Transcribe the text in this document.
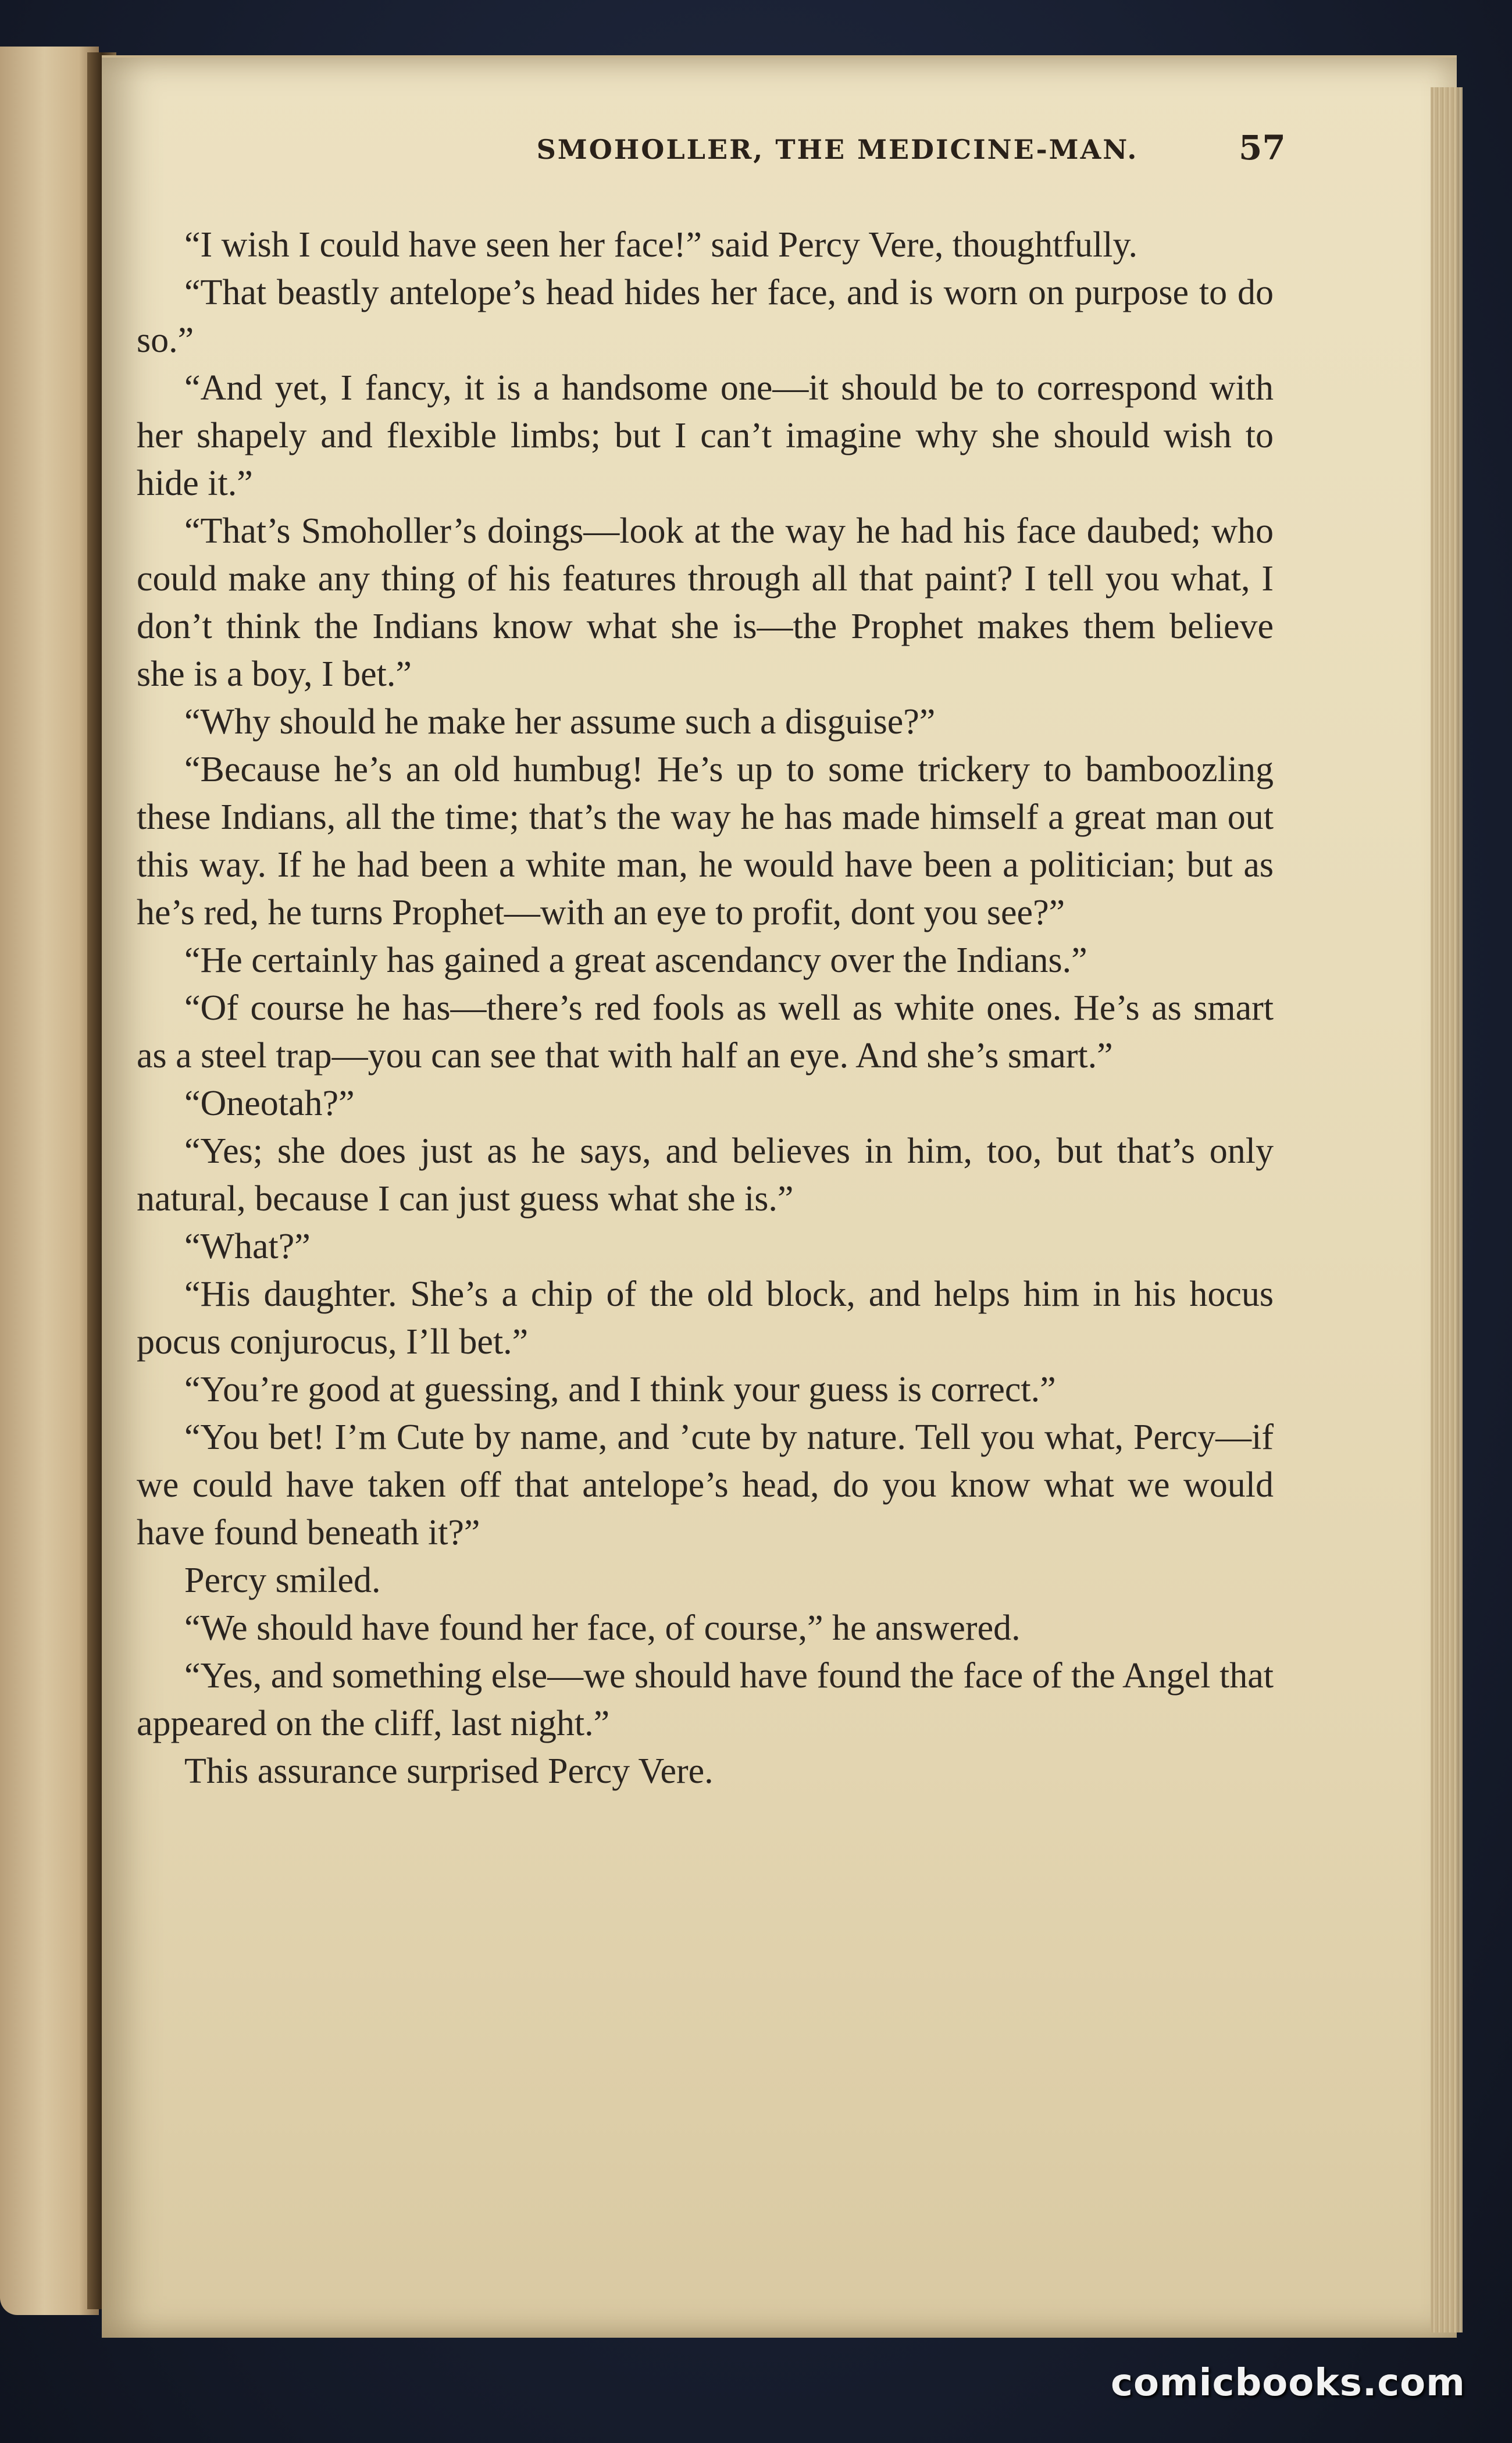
SMOHOLLER, THE MEDICINE-MAN.	57

“I wish I could have seen her face!” said Percy Vere, thoughtfully.

“That beastly antelope’s head hides her face, and is worn on purpose to do so.”

“And yet, I fancy, it is a handsome one—it should be to correspond with her shapely and flexible limbs; but I can’t imagine why she should wish to hide it.”

“That’s Smoholler’s doings—look at the way he had his face daubed; who could make any thing of his features through all that paint? I tell you what, I don’t think the Indians know what she is—the Prophet makes them believe she is a boy, I bet.”

“Why should he make her assume such a disguise?”

“Because he’s an old humbug! He’s up to some trickery to bamboozling these Indians, all the time; that’s the way he has made himself a great man out this way. If he had been a white man, he would have been a politician; but as he’s red, he turns Prophet—with an eye to profit, dont you see?”

“He certainly has gained a great ascendancy over the Indians.”

“Of course he has—there’s red fools as well as white ones. He’s as smart as a steel trap—you can see that with half an eye. And she’s smart.”

“Oneotah?”

“Yes; she does just as he says, and believes in him, too, but that’s only natural, because I can just guess what she is.”

“What?”

“His daughter. She’s a chip of the old block, and helps him in his hocus pocus conjurocus, I’ll bet.”

“You’re good at guessing, and I think your guess is correct.”

“You bet! I’m Cute by name, and ’cute by nature. Tell you what, Percy—if we could have taken off that antelope’s head, do you know what we would have found beneath it?”

Percy smiled.

“We should have found her face, of course,” he answered.

“Yes, and something else—we should have found the face of the Angel that appeared on the cliff, last night.”

This assurance surprised Percy Vere.

comicbooks.com
